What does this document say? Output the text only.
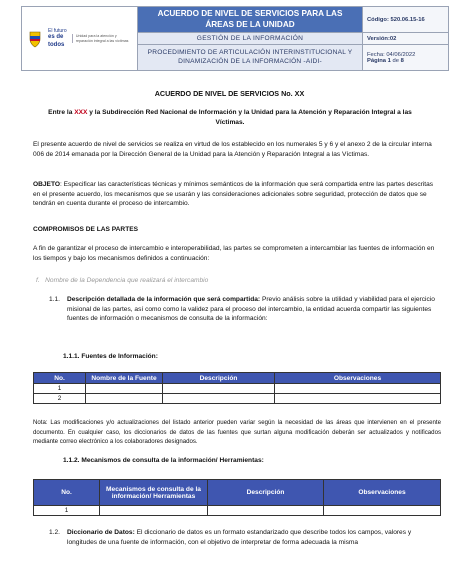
El futuro
es de todos
Unidad para la atención y reparación integral a las víctimas	ACUERDO DE NIVEL DE SERVICIOS PARA LAS ÁREAS DE LA UNIDAD	Código: 520.06.15-16
	GESTIÓN DE LA INFORMACIÓN	Versión:02
	PROCEDIMIENTO DE ARTICULACIÓN INTERINSTITUCIONAL Y DINAMIZACIÓN DE LA INFORMACIÓN -AIDI-	Fecha: 04/06/2022
Página 1 de 8
ACUERDO DE NIVEL DE SERVICIOS No. XX
Entre la XXX y la Subdirección Red Nacional de Información y la Unidad para la Atención y Reparación Integral a las Víctimas.
El presente acuerdo de nivel de servicios se realiza en virtud de los establecido en los numerales 5 y 6 y el anexo 2 de la circular interna 006 de 2014 emanada por la Dirección General de la Unidad para la Atención y Reparación Integral a las Víctimas.
OBJETO: Especificar las características técnicas y mínimos semánticos de la información que será compartida entre las partes descritas en el presente acuerdo, los mecanismos que se usarán y las consideraciones adicionales sobre seguridad, protección de datos que se tendrán en cuenta durante el proceso de intercambio.
COMPROMISOS DE LAS PARTES
A fin de garantizar el proceso de intercambio e interoperabilidad, las partes se comprometen a intercambiar las fuentes de información en los tiempos y bajo los mecanismos definidos a continuación:
f. Nombre de la Dependencia que realizará el intercambio
1.1.	Descripción detallada de la información que será compartida: Previo análisis sobre la utilidad y viabilidad para el ejercicio misional de las partes, así como como la validez para el proceso del intercambio, la entidad acuerda compartir las siguientes fuentes de información o mecanismos de consulta de la información:
1.1.1. Fuentes de Información:
No.	Nombre de la Fuente	Descripción	Observaciones
1			
2			
Nota: Las modificaciones y/o actualizaciones del listado anterior pueden variar según la necesidad de las áreas que intervienen en el presente documento. En cualquier caso, los diccionarios de datos de las fuentes que surtan alguna modificación deberán ser actualizados y notificados mediante correo electrónico a los colaboradores designados.
1.1.2. Mecanismos de consulta de la información/ Herramientas:
No.	Mecanismos de consulta de la información/ Herramientas	Descripción	Observaciones
1			
1.2.	Diccionario de Datos: El diccionario de datos es un formato estandarizado que describe todos los campos, valores y longitudes de una fuente de información, con el objetivo de interpretar de forma adecuada la misma
